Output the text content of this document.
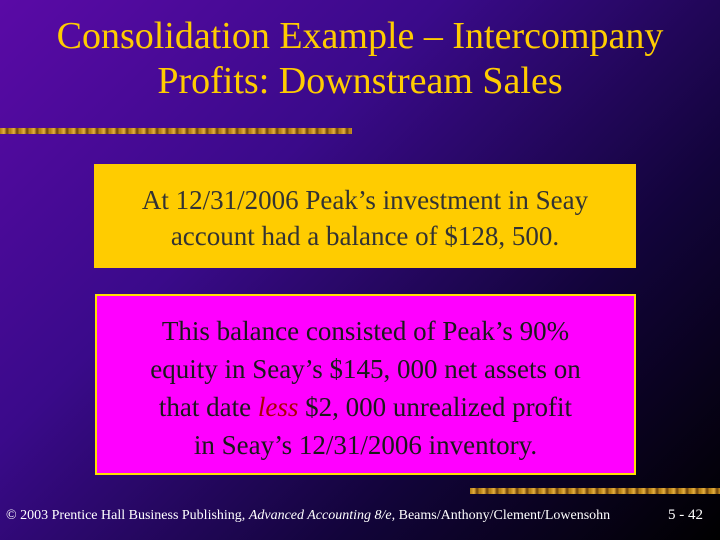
Consolidation Example – Intercompany
Profits: Downstream Sales
At 12/31/2006 Peak’s investment in Seay
account had a balance of $128, 500.
This balance consisted of Peak’s 90%
equity in Seay’s $145, 000 net assets on
that date less $2, 000 unrealized profit
in Seay’s 12/31/2006 inventory.
© 2003 Prentice Hall Business Publishing, Advanced Accounting 8/e, Beams/Anthony/Clement/Lowensohn	5 - 42
